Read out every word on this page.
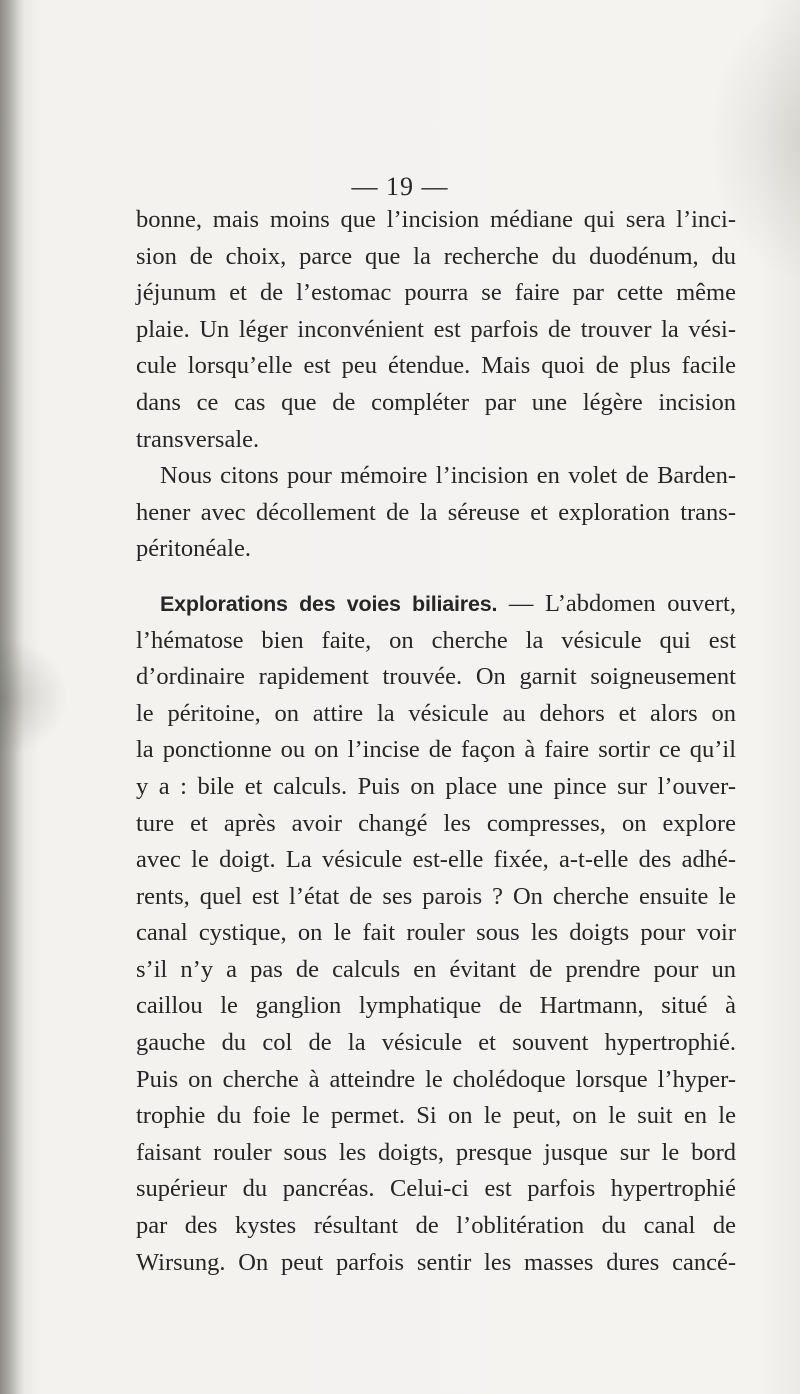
— 19 —
bonne, mais moins que l’incision médiane qui sera l’inci-
sion de choix, parce que la recherche du duodénum, du
jéjunum et de l’estomac pourra se faire par cette même
plaie. Un léger inconvénient est parfois de trouver la vési-
cule lorsqu’elle est peu étendue. Mais quoi de plus facile
dans ce cas que de compléter par une légère incision
transversale.
Nous citons pour mémoire l’incision en volet de Barden-
hener avec décollement de la séreuse et exploration trans-
péritonéale.
Explorations des voies biliaires. — L’abdomen ouvert,
l’hématose bien faite, on cherche la vésicule qui est
d’ordinaire rapidement trouvée. On garnit soigneusement
le péritoine, on attire la vésicule au dehors et alors on
la ponctionne ou on l’incise de façon à faire sortir ce qu’il
y a : bile et calculs. Puis on place une pince sur l’ouver-
ture et après avoir changé les compresses, on explore
avec le doigt. La vésicule est-elle fixée, a-t-elle des adhé-
rents, quel est l’état de ses parois ? On cherche ensuite le
canal cystique, on le fait rouler sous les doigts pour voir
s’il n’y a pas de calculs en évitant de prendre pour un
caillou le ganglion lymphatique de Hartmann, situé à
gauche du col de la vésicule et souvent hypertrophié.
Puis on cherche à atteindre le cholédoque lorsque l’hyper-
trophie du foie le permet. Si on le peut, on le suit en le
faisant rouler sous les doigts, presque jusque sur le bord
supérieur du pancréas. Celui-ci est parfois hypertrophié
par des kystes résultant de l’oblitération du canal de
Wirsung. On peut parfois sentir les masses dures cancé-
